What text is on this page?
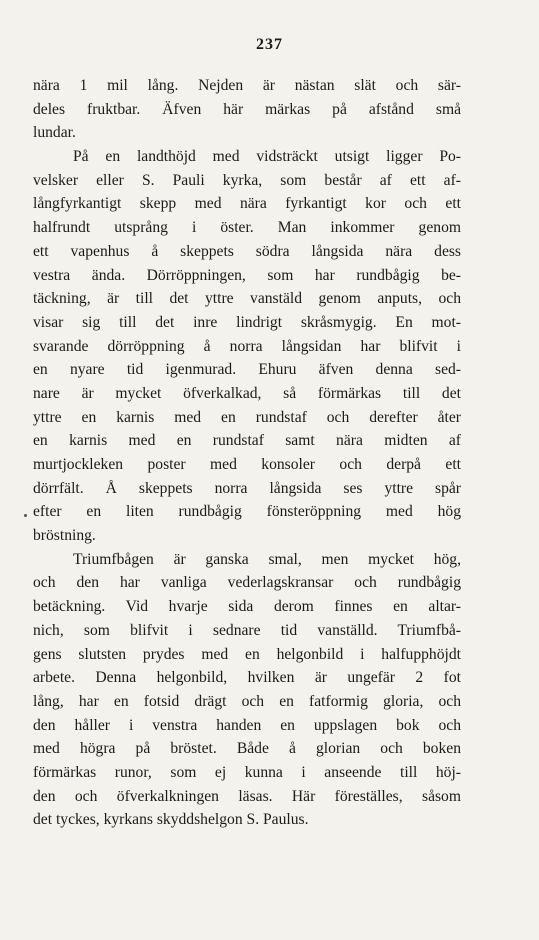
237
nära 1 mil lång. Nejden är nästan slät och sär-
deles fruktbar. Äfven här märkas på afstånd små
lundar.
På en landthöjd med vidsträckt utsigt ligger Po-
velsker eller S. Pauli kyrka, som består af ett af-
långfyrkantigt skepp med nära fyrkantigt kor och ett
halfrundt utsprång i öster. Man inkommer genom
ett vapenhus å skeppets södra långsida nära dess
vestra ända. Dörröppningen, som har rundbågig be-
täckning, är till det yttre vanstäld genom anputs, och
visar sig till det inre lindrigt skråsmygig. En mot-
svarande dörröppning å norra långsidan har blifvit i
en nyare tid igenmurad. Ehuru äfven denna sed-
nare är mycket öfverkalkad, så förmärkas till det
yttre en karnis med en rundstaf och derefter åter
en karnis med en rundstaf samt nära midten af
murtjockleken poster med konsoler och derpå ett
dörrfält. Å skeppets norra långsida ses yttre spår
efter en liten rundbågig fönsteröppning med hög
bröstning.
Triumfbågen är ganska smal, men mycket hög,
och den har vanliga vederlagskransar och rundbågig
betäckning. Vid hvarje sida derom finnes en altar-
nich, som blifvit i sednare tid vanställd. Triumfbå-
gens slutsten prydes med en helgonbild i halfupphöjdt
arbete. Denna helgonbild, hvilken är ungefär 2 fot
lång, har en fotsid drägt och en fatformig gloria, och
den håller i venstra handen en uppslagen bok och
med högra på bröstet. Både å glorian och boken
förmärkas runor, som ej kunna i anseende till höj-
den och öfverkalkningen läsas. Här föreställes, såsom
det tyckes, kyrkans skyddshelgon S. Paulus.
